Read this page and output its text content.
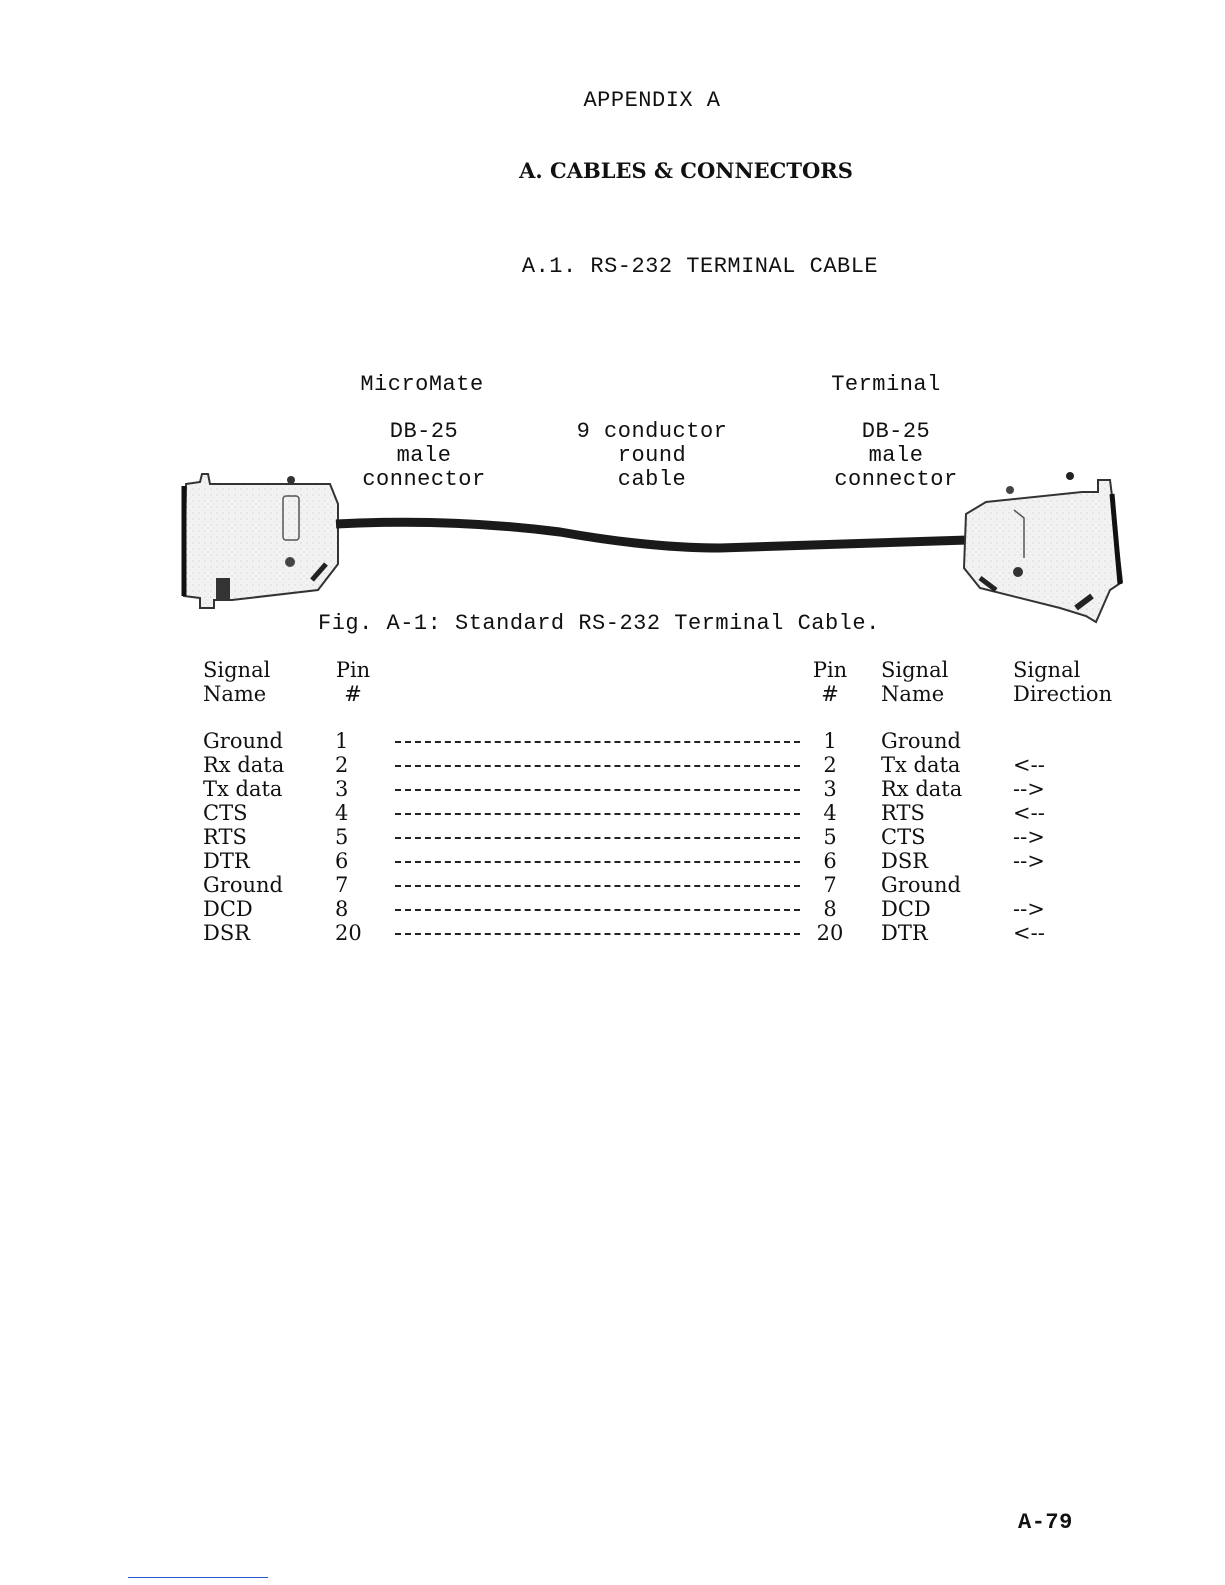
APPENDIX A
A. CABLES & CONNECTORS
A.1. RS-232 TERMINAL CABLE
MicroMate	Terminal
DB-25
male
connector
9 conductor
round
cable
DB-25
male
connector
Fig. A-1: Standard RS-232 Terminal Cable.
Signal
Name
Pin
#
Pin
#
Signal
Name
Signal
Direction
Ground
Rx data
Tx data
CTS
RTS
DTR
Ground
DCD
DSR
1
2
3
4
5
6
7
8
20
1
2
3
4
5
6
7
8
20
Ground
Tx data
Rx data
RTS
CTS
DSR
Ground
DCD
DTR
<--
-->
<--
-->
-->
-->
<--
A-79
